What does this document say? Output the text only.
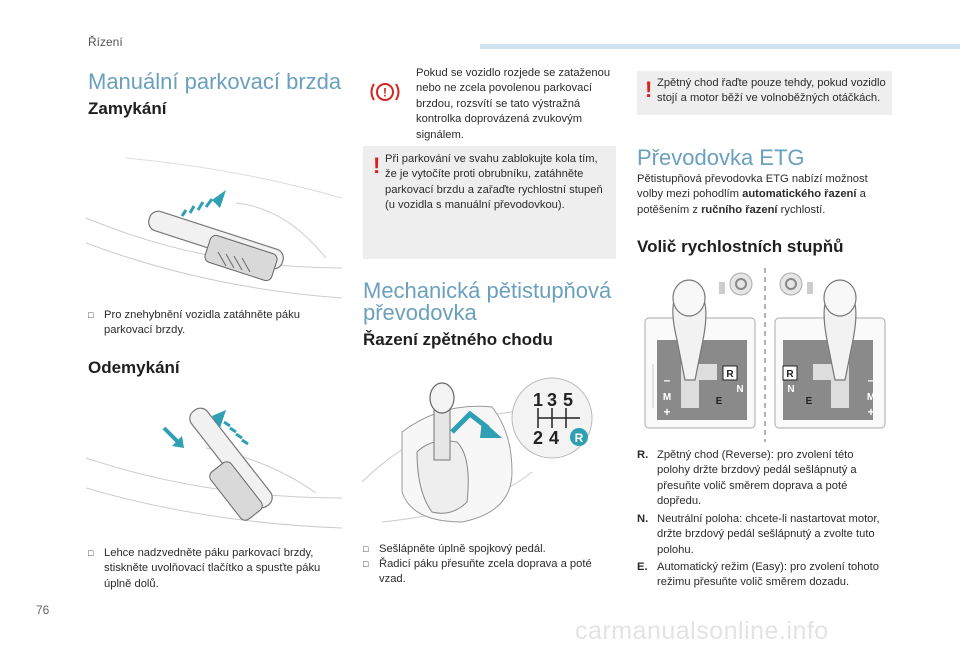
Řízení
Manuální parkovací brzda
Zamykání
□ Pro znehybnění vozidla zatáhněte páku parkovací brzdy.
Odemykání
□ Lehce nadzvedněte páku parkovací brzdy, stiskněte uvolňovací tlačítko a spusťte páku úplně dolů.
!
Pokud se vozidlo rozjede se zataženou nebo ne zcela povolenou parkovací brzdou, rozsvítí se tato výstražná kontrolka doprovázená zvukovým signálem.
! Při parkování ve svahu zablokujte kola tím, že je vytočíte proti obrubníku, zatáhněte parkovací brzdu a zařaďte rychlostní stupeň (u vozidla s manuální převodovkou).
Mechanická pětistupňová
převodovka
Řazení zpětného chodu
1 3 5
2 4 R
□ Sešlápněte úplně spojkový pedál.
□ Řadicí páku přesuňte zcela doprava a poté vzad.
! Zpětný chod řaďte pouze tehdy, pokud vozidlo stojí a motor běží ve volnoběžných otáčkách.
Převodovka ETG
Pětistupňová převodovka ETG nabízí možnost volby mezi pohodlím automatického řazení a potěšením z ručního řazení rychlostí.
Volič rychlostních stupňů
R
N
E
M
–
+
R
N
E	M
–
+
R. Zpětný chod (Reverse): pro zvolení této polohy držte brzdový pedál sešlápnutý a přesuňte volič směrem doprava a poté dopředu.
N. Neutrální poloha: chcete-li nastartovat motor, držte brzdový pedál sešlápnutý a zvolte tuto polohu.
E. Automatický režim (Easy): pro zvolení tohoto režimu přesuňte volič směrem dozadu.
76
carmanualsonline.info
